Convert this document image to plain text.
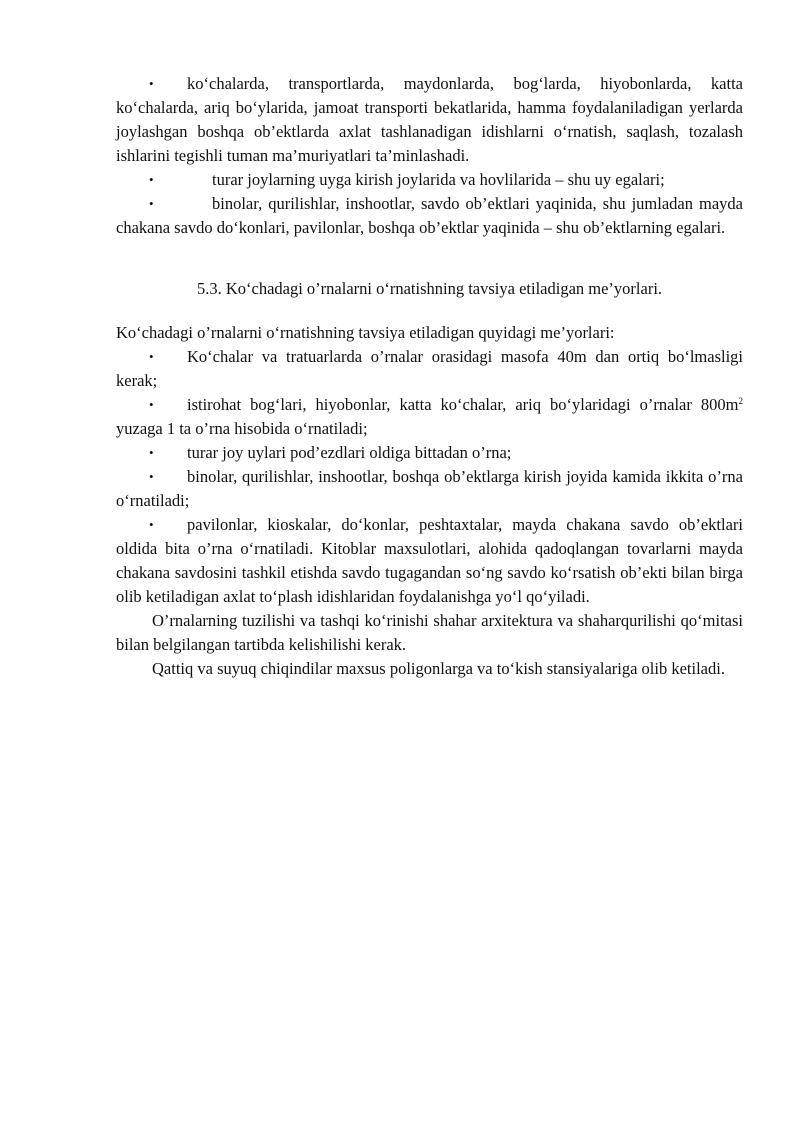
• ko‘chalarda, transportlarda, maydonlarda, bog‘larda, hiyobonlarda, katta ko‘chalarda, ariq bo‘ylarida, jamoat transporti bekatlarida, hamma foydalaniladigan yerlarda joylashgan boshqa ob’ektlarda axlat tashlanadigan idishlarni o‘rnatish, saqlash, tozalash ishlarini tegishli tuman ma’muriyatlari ta’minlashadi.

•	turar joylarning uyga kirish joylarida va hovlilarida – shu uy egalari;

•	binolar, qurilishlar, inshootlar, savdo ob’ektlari yaqinida, shu jumladan mayda chakana savdo do‘konlari, pavilonlar, boshqa ob’ektlar yaqinida – shu ob’ektlarning egalari.

5.3. Ko‘chadagi o’rnalarni o‘rnatishning tavsiya etiladigan me’yorlari.

Ko‘chadagi o’rnalarni o‘rnatishning tavsiya etiladigan quyidagi me’yorlari:

• Ko‘chalar va tratuarlarda o’rnalar orasidagi masofa 40m dan ortiq bo‘lmasligi kerak;

• istirohat bog‘lari, hiyobonlar, katta ko‘chalar, ariq bo‘ylaridagi o’rnalar $800m^2$ yuzaga 1 ta o’rna hisobida o‘rnatiladi;

• turar joy uylari pod’ezdlari oldiga bittadan o’rna;

• binolar, qurilishlar, inshootlar, boshqa ob’ektlarga kirish joyida kamida ikkita o’rna o‘rnatiladi;

• pavilonlar, kioskalar, do‘konlar, peshtaxtalar, mayda chakana savdo ob’ektlari oldida bita o’rna o‘rnatiladi. Kitoblar maxsulotlari, alohida qadoqlangan tovarlarni mayda chakana savdosini tashkil etishda savdo tugagandan so‘ng savdo ko‘rsatish ob’ekti bilan birga olib ketiladigan axlat to‘plash idishlaridan foydalanishga yo‘l qo‘yiladi.

O’rnalarning tuzilishi va tashqi ko‘rinishi shahar arxitektura va shaharqurilishi qo‘mitasi bilan belgilangan tartibda kelishilishi kerak.

Qattiq va suyuq chiqindilar maxsus poligonlarga va to‘kish stansiyalariga olib ketiladi.
